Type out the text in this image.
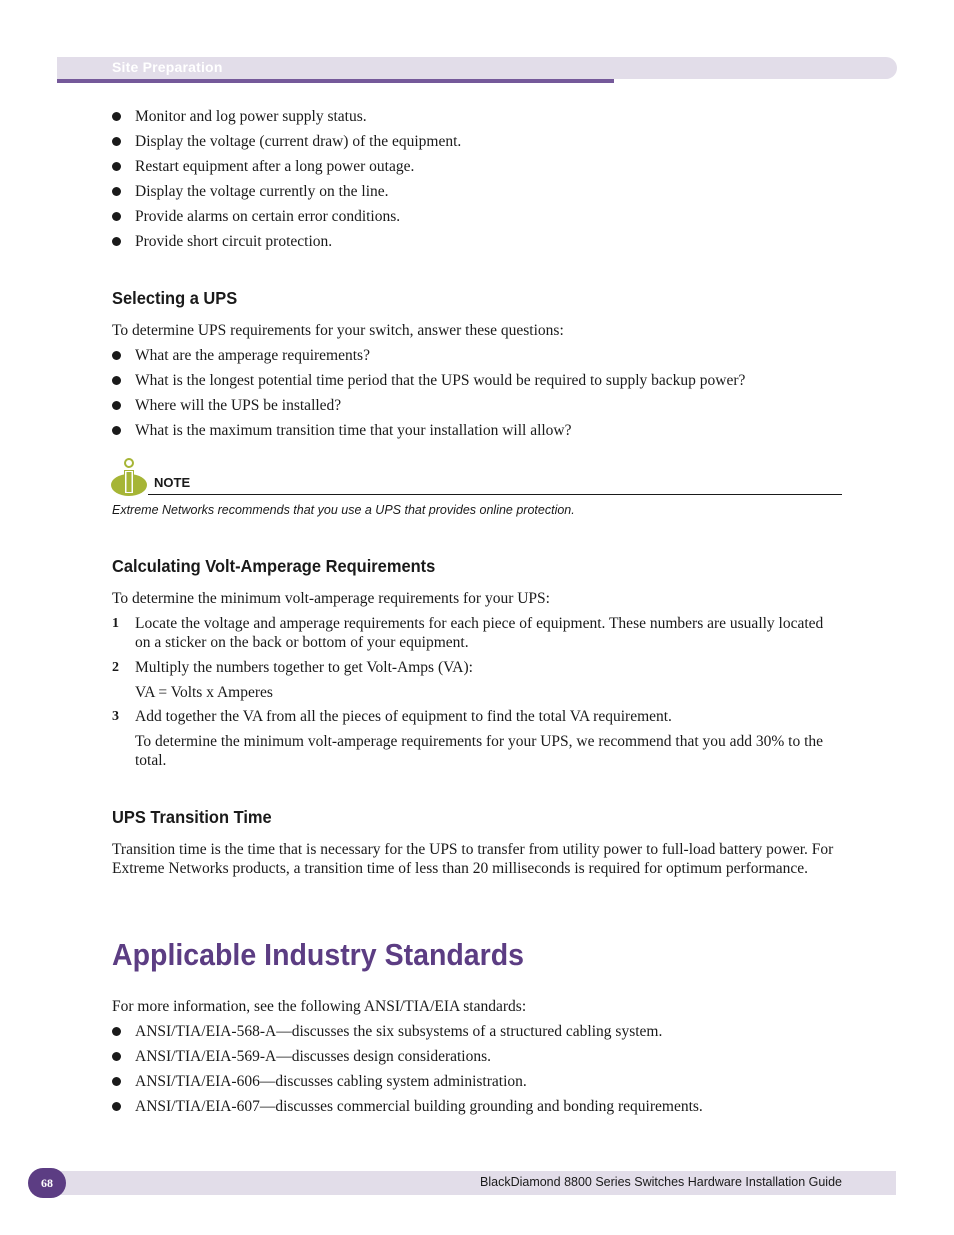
Site Preparation
Monitor and log power supply status.
Display the voltage (current draw) of the equipment.
Restart equipment after a long power outage.
Display the voltage currently on the line.
Provide alarms on certain error conditions.
Provide short circuit protection.
Selecting a UPS

To determine UPS requirements for your switch, answer these questions:

What are the amperage requirements?
What is the longest potential time period that the UPS would be required to supply backup power?
Where will the UPS be installed?
What is the maximum transition time that your installation will allow?
NOTE
Extreme Networks recommends that you use a UPS that provides online protection.
Calculating Volt-Amperage Requirements

To determine the minimum volt-amperage requirements for your UPS:

1 Locate the voltage and amperage requirements for each piece of equipment. These numbers are usually located on a sticker on the back or bottom of your equipment.
2 Multiply the numbers together to get Volt-Amps (VA):
VA = Volts x Amperes
3 Add together the VA from all the pieces of equipment to find the total VA requirement.
To determine the minimum volt-amperage requirements for your UPS, we recommend that you add 30% to the total.
UPS Transition Time

Transition time is the time that is necessary for the UPS to transfer from utility power to full-load battery power. For Extreme Networks products, a transition time of less than 20 milliseconds is required for optimum performance.

Applicable Industry Standards

For more information, see the following ANSI/TIA/EIA standards:

ANSI/TIA/EIA-568-A—discusses the six subsystems of a structured cabling system.
ANSI/TIA/EIA-569-A—discusses design considerations.
ANSI/TIA/EIA-606—discusses cabling system administration.
ANSI/TIA/EIA-607—discusses commercial building grounding and bonding requirements.
68	BlackDiamond 8800 Series Switches Hardware Installation Guide
